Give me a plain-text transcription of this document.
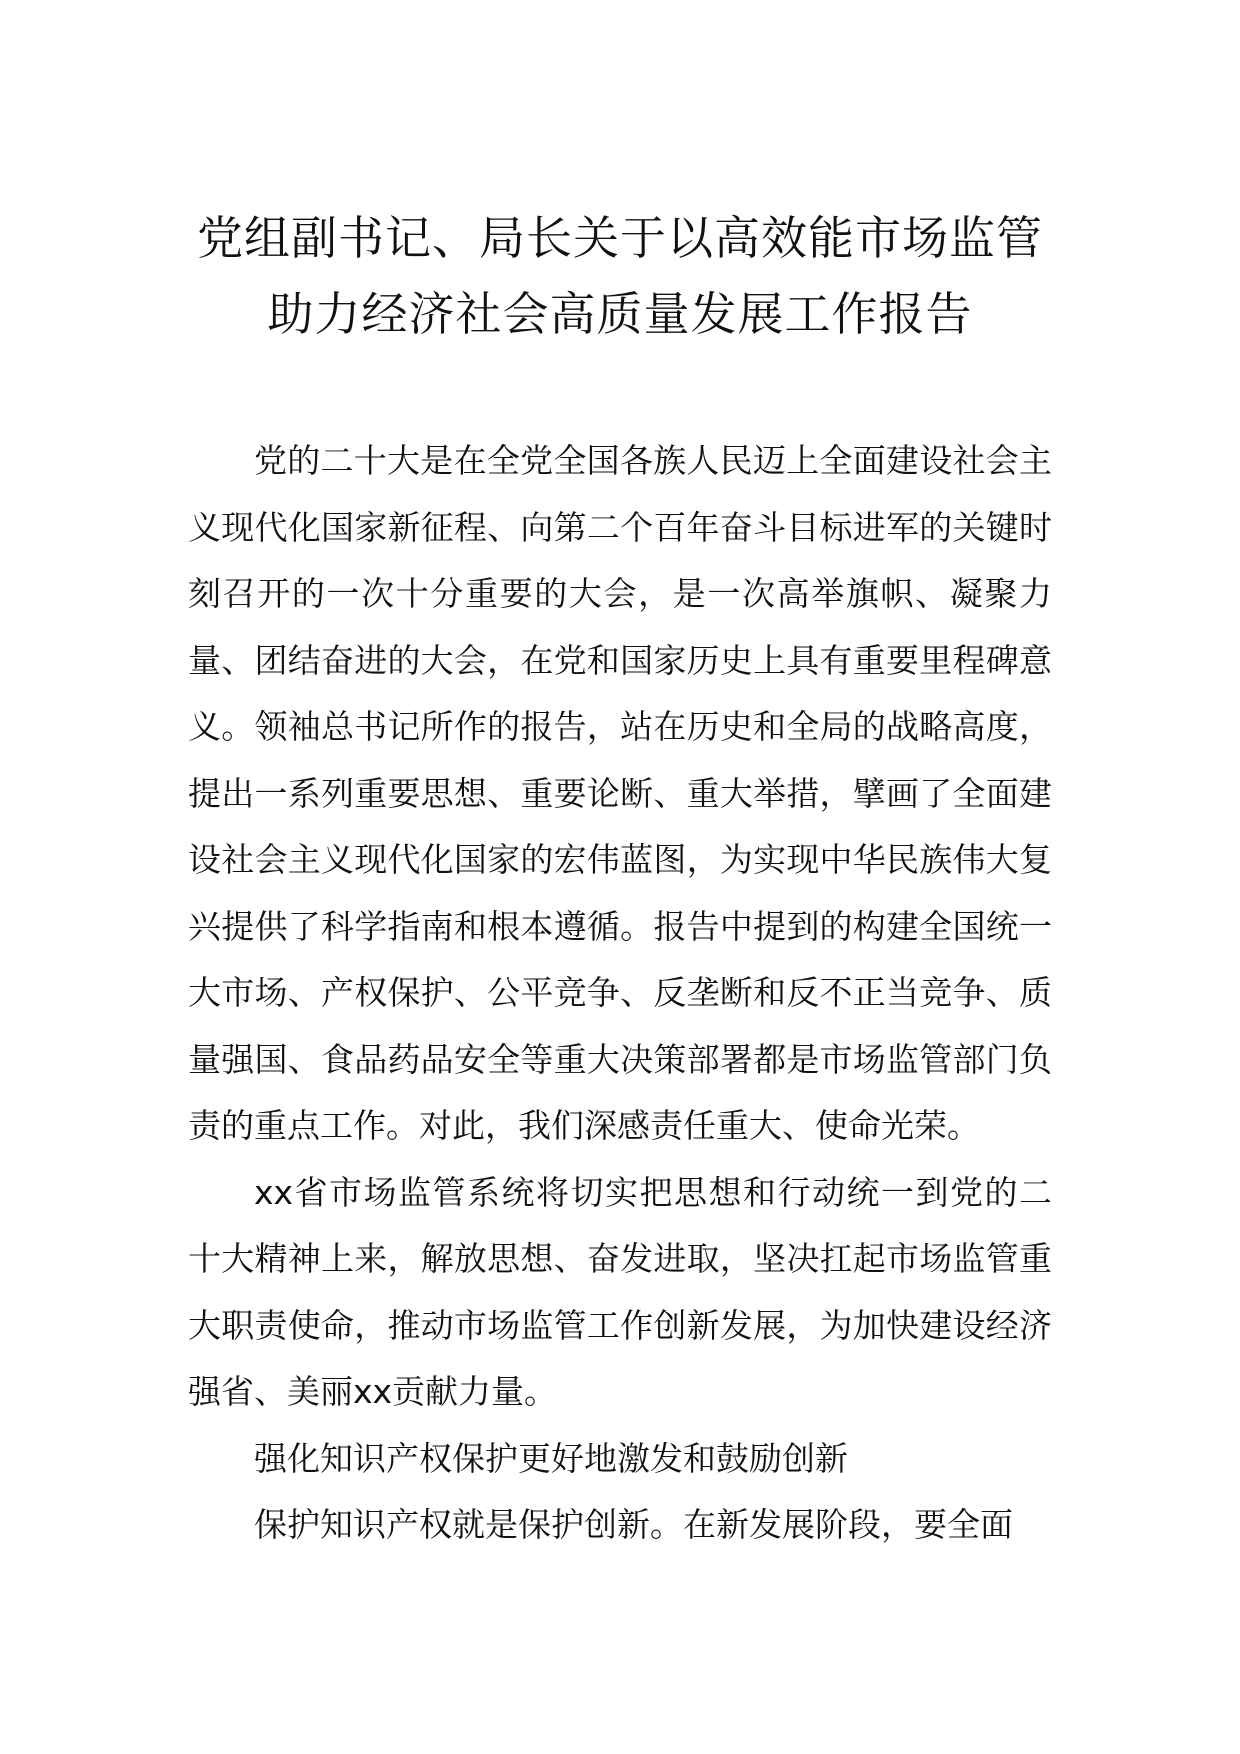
党组副书记、局长关于以高效能市场监管
助力经济社会高质量发展工作报告

党的二十大是在全党全国各族人民迈上全面建设社会主义现代化国家新征程、向第二个百年奋斗目标进军的关键时刻召开的一次十分重要的大会，是一次高举旗帜、凝聚力量、团结奋进的大会，在党和国家历史上具有重要里程碑意义。领袖总书记所作的报告，站在历史和全局的战略高度，提出一系列重要思想、重要论断、重大举措，擘画了全面建设社会主义现代化国家的宏伟蓝图，为实现中华民族伟大复兴提供了科学指南和根本遵循。报告中提到的构建全国统一大市场、产权保护、公平竞争、反垄断和反不正当竞争、质量强国、食品药品安全等重大决策部署都是市场监管部门负责的重点工作。对此，我们深感责任重大、使命光荣。

xx省市场监管系统将切实把思想和行动统一到党的二十大精神上来，解放思想、奋发进取，坚决扛起市场监管重大职责使命，推动市场监管工作创新发展，为加快建设经济强省、美丽xx贡献力量。

强化知识产权保护更好地激发和鼓励创新

保护知识产权就是保护创新。在新发展阶段，要全面
